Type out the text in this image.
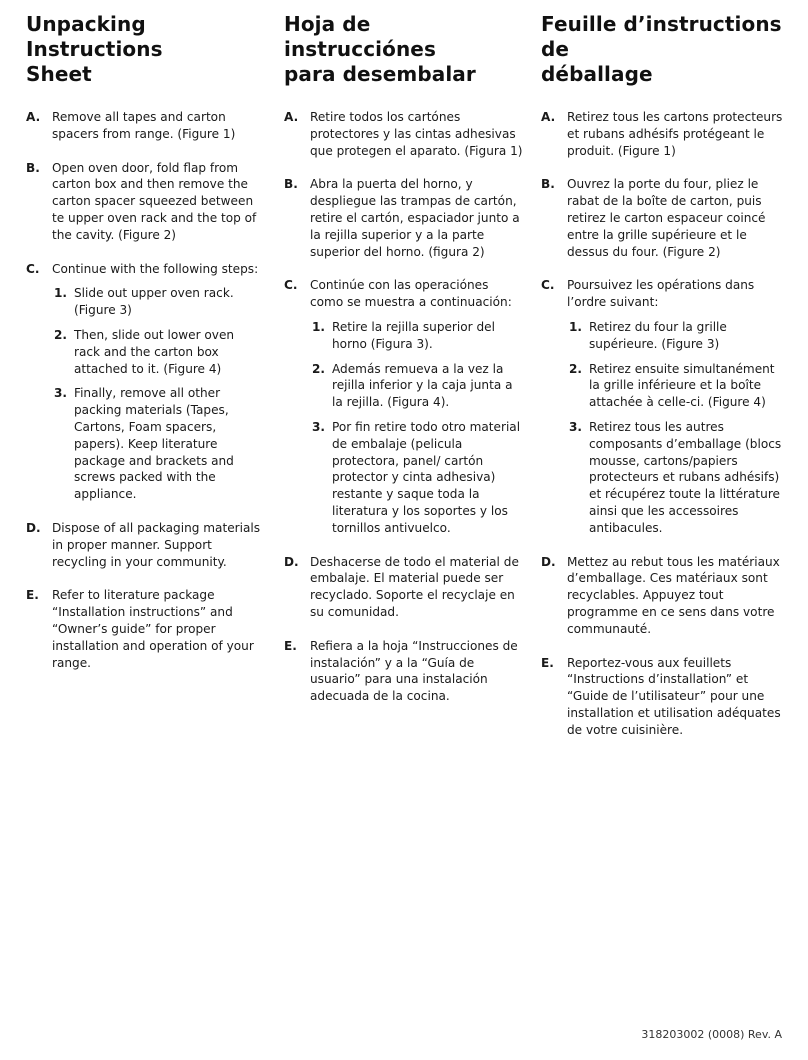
Unpacking Instructions
Sheet
A. Remove all tapes and carton spacers from range. (Figure 1)
B. Open oven door, fold flap from carton box and then remove the carton spacer squeezed between te upper oven rack and the top of the cavity. (Figure 2)
C. Continue with the following steps:
1. Slide out upper oven rack. (Figure 3)
2. Then, slide out lower oven rack and the carton box attached to it. (Figure 4)
3. Finally, remove all other packing materials (Tapes, Cartons, Foam spacers, papers). Keep literature package and brackets and screws packed with the appliance.
D. Dispose of all packaging materials in proper manner. Support recycling in your community.
E. Refer to literature package “Installation instructions” and “Owner’s guide” for proper installation and operation of your range.
Hoja de instrucciónes
para desembalar
A. Retire todos los cartónes protectores y las cintas adhesivas que protegen el aparato. (Figura 1)
B. Abra la puerta del horno, y despliegue las trampas de cartón, retire el cartón, espaciador junto a la rejilla superior y a la parte superior del horno. (figura 2)
C. Continúe con las operaciónes como se muestra a continuación:
1. Retire la rejilla superior del horno (Figura 3).
2. Además remueva a la vez la rejilla inferior y la caja junta a la rejilla. (Figura 4).
3. Por fin retire todo otro material de embalaje (pelicula protectora, panel/ cartón protector y cinta adhesiva) restante y saque toda la literatura y los soportes y los tornillos antivuelco.
D. Deshacerse de todo el material de embalaje. El material puede ser recyclado. Soporte el recyclaje en su comunidad.
E. Refiera a la hoja “Instrucciones de instalación” y a la “Guía de usuario” para una instalación adecuada de la cocina.
Feuille d’instructions de
déballage
A. Retirez tous les cartons protecteurs et rubans adhésifs protégeant le produit. (Figure 1)
B. Ouvrez la porte du four, pliez le rabat de la boîte de carton, puis retirez le carton espaceur coincé entre la grille supérieure et le dessus du four. (Figure 2)
C. Poursuivez les opérations dans l’ordre suivant:
1. Retirez du four la grille supérieure. (Figure 3)
2. Retirez ensuite simultanément la grille inférieure et la boîte attachée à celle-ci. (Figure 4)
3. Retirez tous les autres composants d’emballage (blocs mousse, cartons/papiers protecteurs et rubans adhésifs) et récupérez toute la littérature ainsi que les accessoires antibacules.
D. Mettez au rebut tous les matériaux d’emballage. Ces matériaux sont recyclables. Appuyez tout programme en ce sens dans votre communauté.
E. Reportez-vous aux feuillets “Instructions d’installation” et “Guide de l’utilisateur” pour une installation et utilisation adéquates de votre cuisinière.
318203002 (0008) Rev. A
